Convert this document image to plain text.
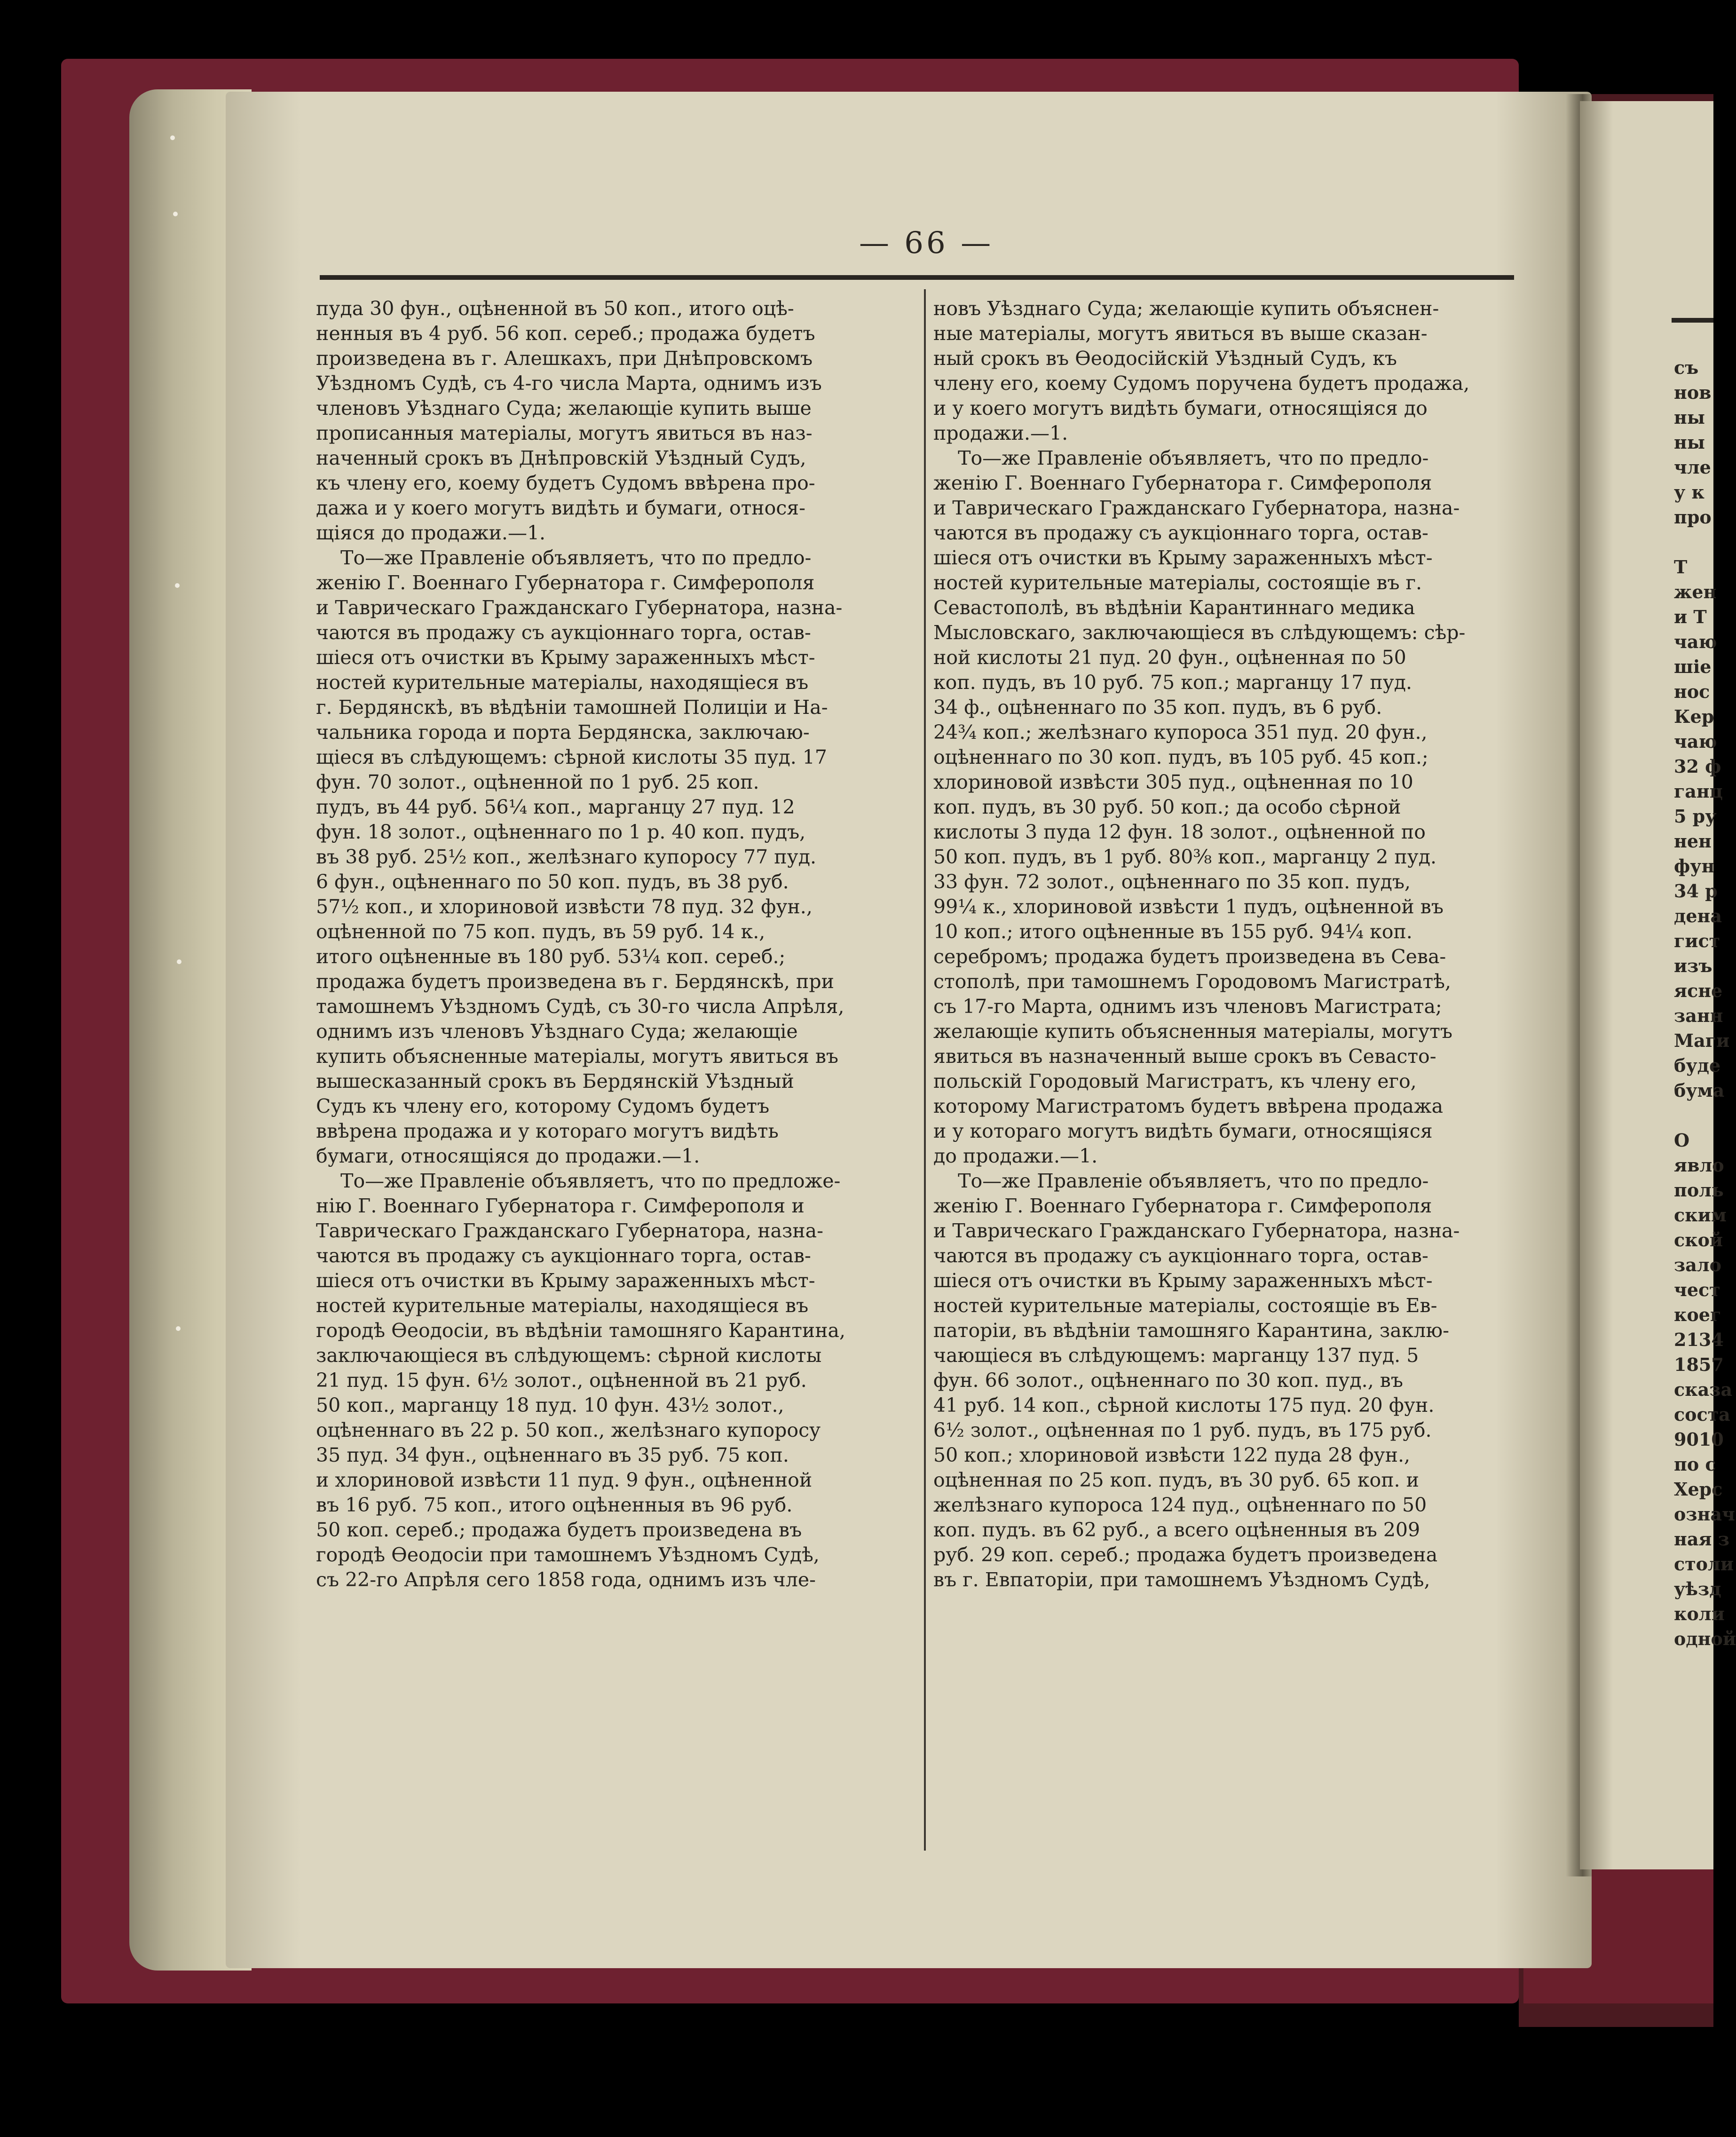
съ
нов
ны
ны
чле
у к
про

Т
жен
и Т
чаю
шіе
нос
Кер
чаю
32 ф
ганц
5 ру
нен
фун
34 р
дена
гист
изъ
ясне
занн
Маги
буде
бума

О
явло
поль
ским
ской
зало
чест
коег
2134
1857
сказа
соста
9010
по с
Херс
означ
ная з
столи
уѣзд
коли
одной
— 66 —
пуда 30 фун., оцѣненной въ 50 коп., итого оцѣ-
ненныя въ 4 руб. 56 коп. сереб.; продажа будетъ
произведена въ г. Алешкахъ, при Днѣпровскомъ
Уѣздномъ Судѣ, съ 4-го числа Марта, однимъ изъ
членовъ Уѣзднаго Суда; желающіе купить выше
прописанныя матеріалы, могутъ явиться въ наз-
наченный срокъ въ Днѣпровскій Уѣздный Судъ,
къ члену его, коему будетъ Судомъ ввѣрена про-
дажа и у коего могутъ видѣть и бумаги, относя-
щіяся до продажи.—1.
То—же Правленіе объявляетъ, что по предло-
женію Г. Военнаго Губернатора г. Симферополя
и Таврическаго Гражданскаго Губернатора, назна-
чаются въ продажу съ аукціоннаго торга, остав-
шіеся отъ очистки въ Крыму зараженныхъ мѣст-
ностей курительные матеріалы, находящіеся въ
г. Бердянскѣ, въ вѣдѣніи тамошней Полиціи и На-
чальника города и порта Бердянска, заключаю-
щіеся въ слѣдующемъ: сѣрной кислоты 35 пуд. 17
фун. 70 золот., оцѣненной по 1 руб. 25 коп.
пудъ, въ 44 руб. 56¼ коп., марганцу 27 пуд. 12
фун. 18 золот., оцѣненнаго по 1 р. 40 коп. пудъ,
въ 38 руб. 25½ коп., желѣзнаго купоросу 77 пуд.
6 фун., оцѣненнаго по 50 коп. пудъ, въ 38 руб.
57½ коп., и хлориновой извѣсти 78 пуд. 32 фун.,
оцѣненной по 75 коп. пудъ, въ 59 руб. 14 к.,
итого оцѣненные въ 180 руб. 53¼ коп. сереб.;
продажа будетъ произведена въ г. Бердянскѣ, при
тамошнемъ Уѣздномъ Судѣ, съ 30-го числа Апрѣля,
однимъ изъ членовъ Уѣзднаго Суда; желающіе
купить объясненные матеріалы, могутъ явиться въ
вышесказанный срокъ въ Бердянскій Уѣздный
Судъ къ члену его, которому Судомъ будетъ
ввѣрена продажа и у котораго могутъ видѣть
бумаги, относящіяся до продажи.—1.
То—же Правленіе объявляетъ, что по предложе-
нію Г. Военнаго Губернатора г. Симферополя и
Таврическаго Гражданскаго Губернатора, назна-
чаются въ продажу съ аукціоннаго торга, остав-
шіеся отъ очистки въ Крыму зараженныхъ мѣст-
ностей курительные матеріалы, находящіеся въ
городѣ Ѳеодосіи, въ вѣдѣніи тамошняго Карантина,
заключающіеся въ слѣдующемъ: сѣрной кислоты
21 пуд. 15 фун. 6½ золот., оцѣненной въ 21 руб.
50 коп., марганцу 18 пуд. 10 фун. 43½ золот.,
оцѣненнаго въ 22 р. 50 коп., желѣзнаго купоросу
35 пуд. 34 фун., оцѣненнаго въ 35 руб. 75 коп.
и хлориновой извѣсти 11 пуд. 9 фун., оцѣненной
въ 16 руб. 75 коп., итого оцѣненныя въ 96 руб.
50 коп. сереб.; продажа будетъ произведена въ
городѣ Ѳеодосіи при тамошнемъ Уѣздномъ Судѣ,
съ 22-го Апрѣля сего 1858 года, однимъ изъ чле-
новъ Уѣзднаго Суда; желающіе купить объяснен-
ные матеріалы, могутъ явиться въ выше сказан-
ный срокъ въ Ѳеодосійскій Уѣздный Судъ, къ
члену его, коему Судомъ поручена будетъ продажа,
и у коего могутъ видѣть бумаги, относящіяся до
продажи.—1.
То—же Правленіе объявляетъ, что по предло-
женію Г. Военнаго Губернатора г. Симферополя
и Таврическаго Гражданскаго Губернатора, назна-
чаются въ продажу съ аукціоннаго торга, остав-
шіеся отъ очистки въ Крыму зараженныхъ мѣст-
ностей курительные матеріалы, состоящіе въ г.
Севастополѣ, въ вѣдѣніи Карантиннаго медика
Мысловскаго, заключающіеся въ слѣдующемъ: сѣр-
ной кислоты 21 пуд. 20 фун., оцѣненная по 50
коп. пудъ, въ 10 руб. 75 коп.; марганцу 17 пуд.
34 ф., оцѣненнаго по 35 коп. пудъ, въ 6 руб.
24¾ коп.; желѣзнаго купороса 351 пуд. 20 фун.,
оцѣненнаго по 30 коп. пудъ, въ 105 руб. 45 коп.;
хлориновой извѣсти 305 пуд., оцѣненная по 10
коп. пудъ, въ 30 руб. 50 коп.; да особо сѣрной
кислоты 3 пуда 12 фун. 18 золот., оцѣненной по
50 коп. пудъ, въ 1 руб. 80⅜ коп., марганцу 2 пуд.
33 фун. 72 золот., оцѣненнаго по 35 коп. пудъ,
99¼ к., хлориновой извѣсти 1 пудъ, оцѣненной въ
10 коп.; итого оцѣненные въ 155 руб. 94¼ коп.
серебромъ; продажа будетъ произведена въ Сева-
стополѣ, при тамошнемъ Городовомъ Магистратѣ,
съ 17-го Марта, однимъ изъ членовъ Магистрата;
желающіе купить объясненныя матеріалы, могутъ
явиться въ назначенный выше срокъ въ Севасто-
польскій Городовый Магистратъ, къ члену его,
которому Магистратомъ будетъ ввѣрена продажа
и у котораго могутъ видѣть бумаги, относящіяся
до продажи.—1.
То—же Правленіе объявляетъ, что по предло-
женію Г. Военнаго Губернатора г. Симферополя
и Таврическаго Гражданскаго Губернатора, назна-
чаются въ продажу съ аукціоннаго торга, остав-
шіеся отъ очистки въ Крыму зараженныхъ мѣст-
ностей курительные матеріалы, состоящіе въ Ев-
паторіи, въ вѣдѣніи тамошняго Карантина, заклю-
чающіеся въ слѣдующемъ: марганцу 137 пуд. 5
фун. 66 золот., оцѣненнаго по 30 коп. пуд., въ
41 руб. 14 коп., сѣрной кислоты 175 пуд. 20 фун.
6½ золот., оцѣненная по 1 руб. пудъ, въ 175 руб.
50 коп.; хлориновой извѣсти 122 пуда 28 фун.,
оцѣненная по 25 коп. пудъ, въ 30 руб. 65 коп. и
желѣзнаго купороса 124 пуд., оцѣненнаго по 50
коп. пудъ. въ 62 руб., а всего оцѣненныя въ 209
руб. 29 коп. сереб.; продажа будетъ произведена
въ г. Евпаторіи, при тамошнемъ Уѣздномъ Судѣ,
